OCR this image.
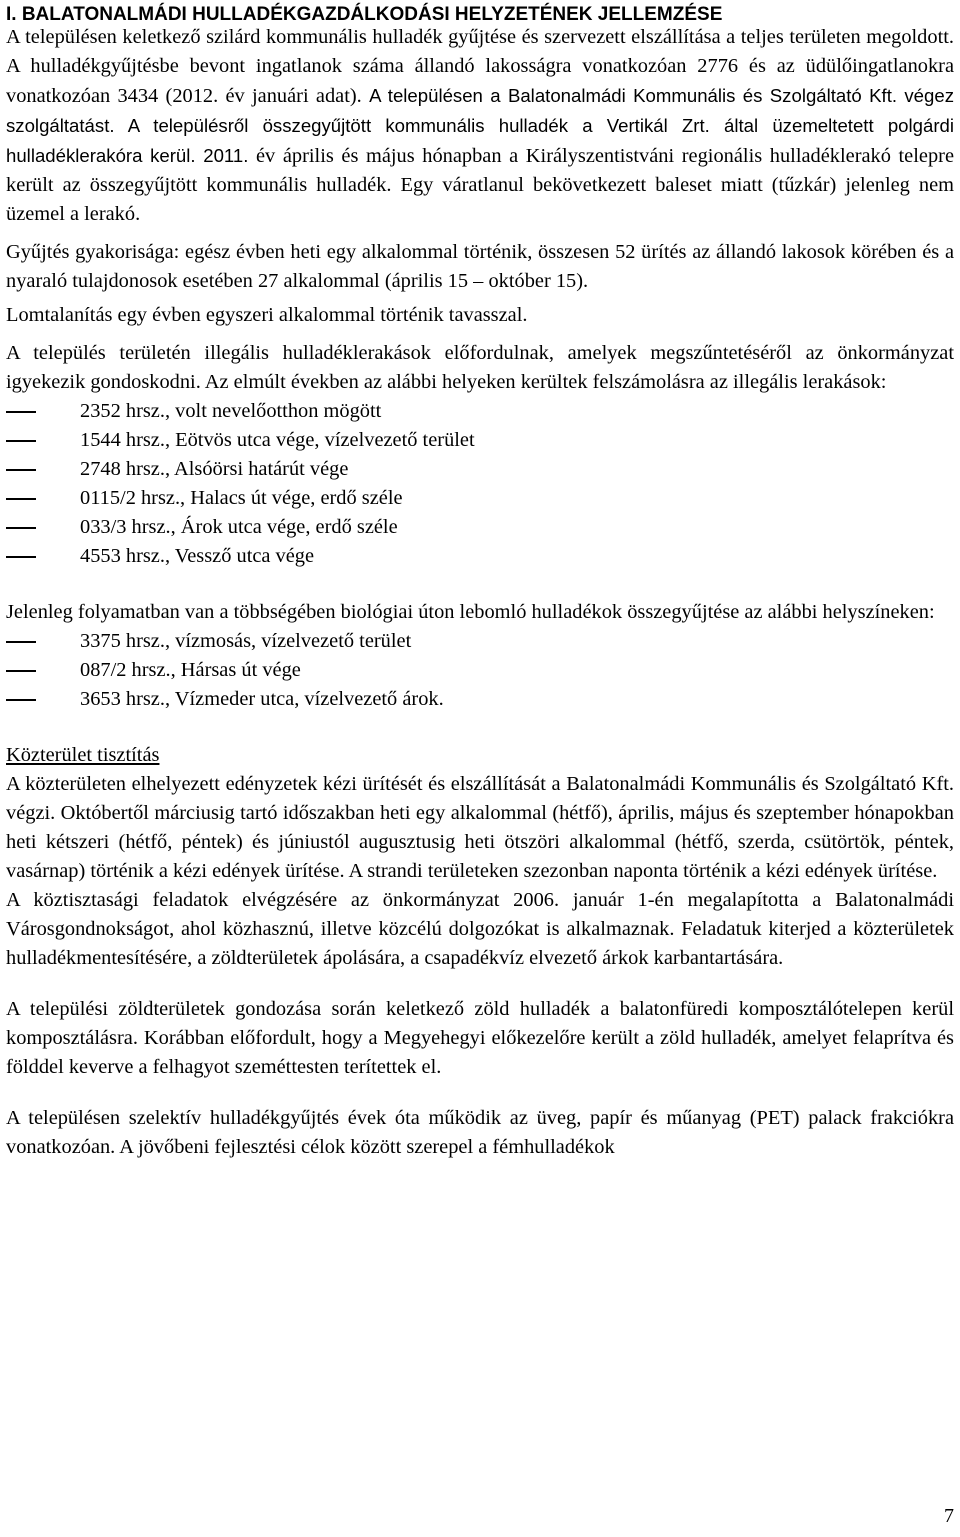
I. BALATONALMÁDI HULLADÉKGAZDÁLKODÁSI HELYZETÉNEK JELLEMZÉSE

A településen keletkező szilárd kommunális hulladék gyűjtése és szervezett elszállítása a teljes területen megoldott. A hulladékgyűjtésbe bevont ingatlanok száma állandó lakosságra vonatkozóan 2776 és az üdülőingatlanokra vonatkozóan 3434 (2012. év januári adat). A településen a Balatonalmádi Kommunális és Szolgáltató Kft. végez szolgáltatást. A településről összegyűjtött kommunális hulladék a Vertikál Zrt. által üzemeltetett polgárdi hulladéklerakóra kerül. 2011. év április és május hónapban a Királyszentistváni regionális hulladéklerakó telepre került az összegyűjtött kommunális hulladék. Egy váratlanul bekövetkezett baleset miatt (tűzkár) jelenleg nem üzemel a lerakó.

Gyűjtés gyakorisága: egész évben heti egy alkalommal történik, összesen 52 ürítés az állandó lakosok körében és a nyaraló tulajdonosok esetében 27 alkalommal (április 15 – október 15).

Lomtalanítás egy évben egyszeri alkalommal történik tavasszal.

A település területén illegális hulladéklerakások előfordulnak, amelyek megszűntetéséről az önkormányzat igyekezik gondoskodni. Az elmúlt években az alábbi helyeken kerültek felszámolásra az illegális lerakások:

2352 hrsz., volt nevelőotthon mögött
1544 hrsz., Eötvös utca vége, vízelvezető terület
2748 hrsz., Alsóörsi határút vége
0115/2 hrsz., Halacs út vége, erdő széle
033/3 hrsz., Árok utca vége, erdő széle
4553 hrsz., Vessző utca vége

Jelenleg folyamatban van a többségében biológiai úton lebomló hulladékok összegyűjtése az alábbi helyszíneken:

3375 hrsz., vízmosás, vízelvezető terület
087/2 hrsz., Hársas út vége
3653 hrsz., Vízmeder utca, vízelvezető árok.

Közterület tisztítás

A közterületen elhelyezett edényzetek kézi ürítését és elszállítását a Balatonalmádi Kommunális és Szolgáltató Kft. végzi. Októbertől márciusig tartó időszakban heti egy alkalommal (hétfő), április, május és szeptember hónapokban heti kétszeri (hétfő, péntek) és júniustól augusztusig heti ötszöri alkalommal (hétfő, szerda, csütörtök, péntek, vasárnap) történik a kézi edények ürítése. A strandi területeken szezonban naponta történik a kézi edények ürítése.

A köztisztasági feladatok elvégzésére az önkormányzat 2006. január 1-én megalapította a Balatonalmádi Városgondnokságot, ahol közhasznú, illetve közcélú dolgozókat is alkalmaznak. Feladatuk kiterjed a közterületek hulladékmentesítésére, a zöldterületek ápolására, a csapadékvíz elvezető árkok karbantartására.

A települési zöldterületek gondozása során keletkező zöld hulladék a balatonfüredi komposztálótelepen kerül komposztálásra. Korábban előfordult, hogy a Megyehegyi előkezelőre került a zöld hulladék, amelyet felaprítva és földdel keverve a felhagyot szeméttesten terítettek el.

A településen szelektív hulladékgyűjtés évek óta működik az üveg, papír és műanyag (PET) palack frakciókra vonatkozóan. A jövőbeni fejlesztési célok között szerepel a fémhulladékok

7
